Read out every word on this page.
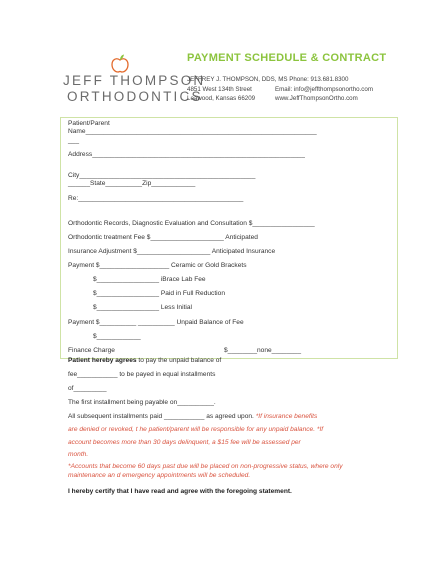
JEFF THOMPSON
ORTHODONTICS
PAYMENT SCHEDULE & CONTRACT
JEFFREY J. THOMPSON, DDS, MS Phone: 913.681.8300
4851 West 134th Street
Leawood, Kansas 66209
Email: info@jeffthompsonortho.com
www.JeffThompsonOrtho.com
Patient/Parent
Name_______________________________________________________________
___
Address__________________________________________________________
City________________________________________________
______State__________Zip____________
Re:_____________________________________________
Orthodontic Records, Diagnostic Evaluation and Consultation $_________________
Orthodontic treatment Fee $____________________ Anticipated
Insurance Adjustment $____________________ Anticipated Insurance
Payment $___________________ Ceramic or Gold Brackets
$_________________ iBrace Lab Fee
$_________________ Paid in Full Reduction
$_________________ Less Initial
Payment $__________ __________ Unpaid Balance of Fee
$____________
Finance Charge	$________none________
Patient hereby agrees to pay the unpaid balance of
fee___________ to be payed in equal installments
of_________
The first installment being payable on__________.
All subsequent installments paid ___________ as agreed upon. *If insurance benefits
are denied or revoked, t he patient/parent will be responsible for any unpaid balance. *If
account becomes more than 30 days delinquent, a $15 fee will be assessed per
month.
*Accounts that become 60 days past due will be placed on non-progressive status, where only
maintenance an d emergency appointments will be scheduled.
I hereby certify that I have read and agree with the foregoing statement.
